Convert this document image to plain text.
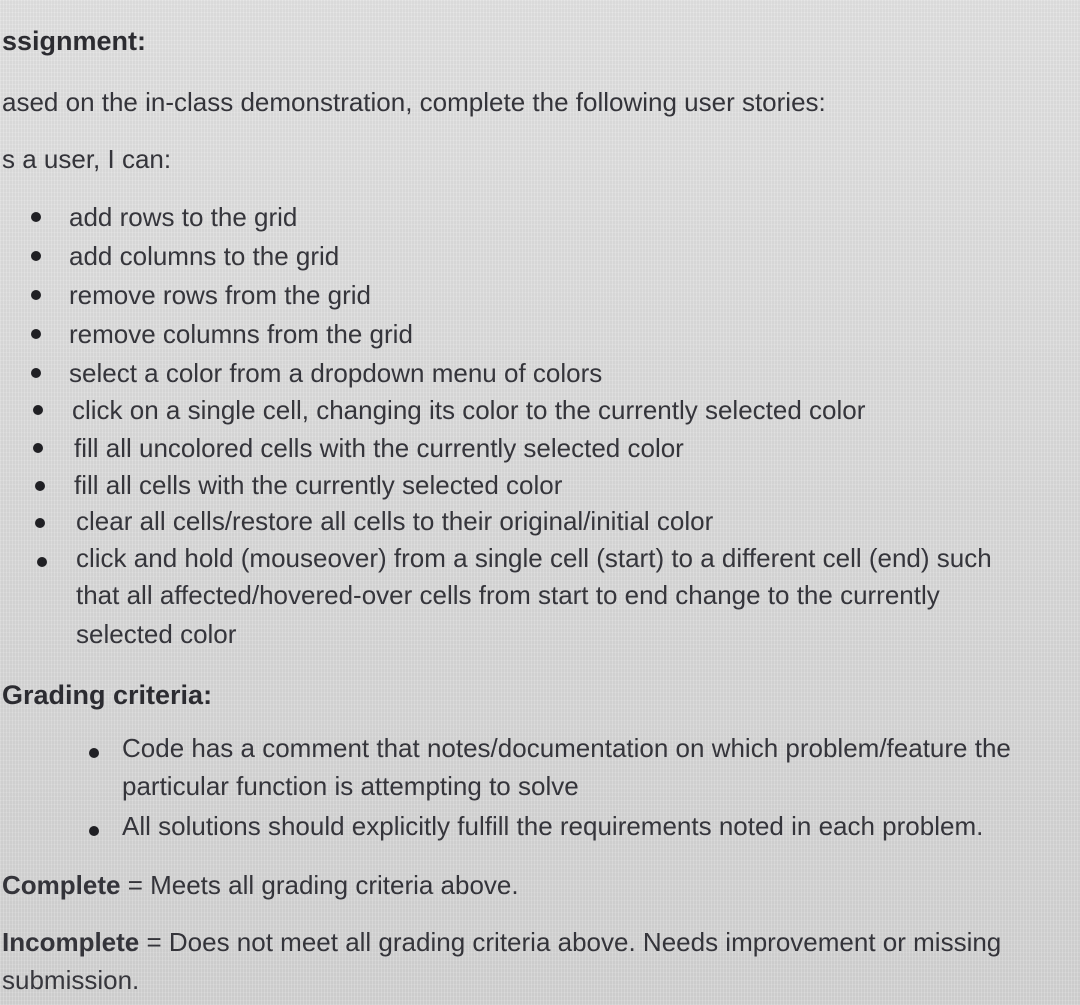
ssignment:
ased on the in-class demonstration, complete the following user stories:
s a user, I can:
add rows to the grid
add columns to the grid
remove rows from the grid
remove columns from the grid
select a color from a dropdown menu of colors
click on a single cell, changing its color to the currently selected color
fill all uncolored cells with the currently selected color
fill all cells with the currently selected color
clear all cells/restore all cells to their original/initial color
click and hold (mouseover) from a single cell (start) to a different cell (end) such
that all affected/hovered-over cells from start to end change to the currently
selected color
Grading criteria:
Code has a comment that notes/documentation on which problem/feature the
particular function is attempting to solve
All solutions should explicitly fulfill the requirements noted in each problem.
Complete = Meets all grading criteria above.
Incomplete = Does not meet all grading criteria above. Needs improvement or missing
submission.
